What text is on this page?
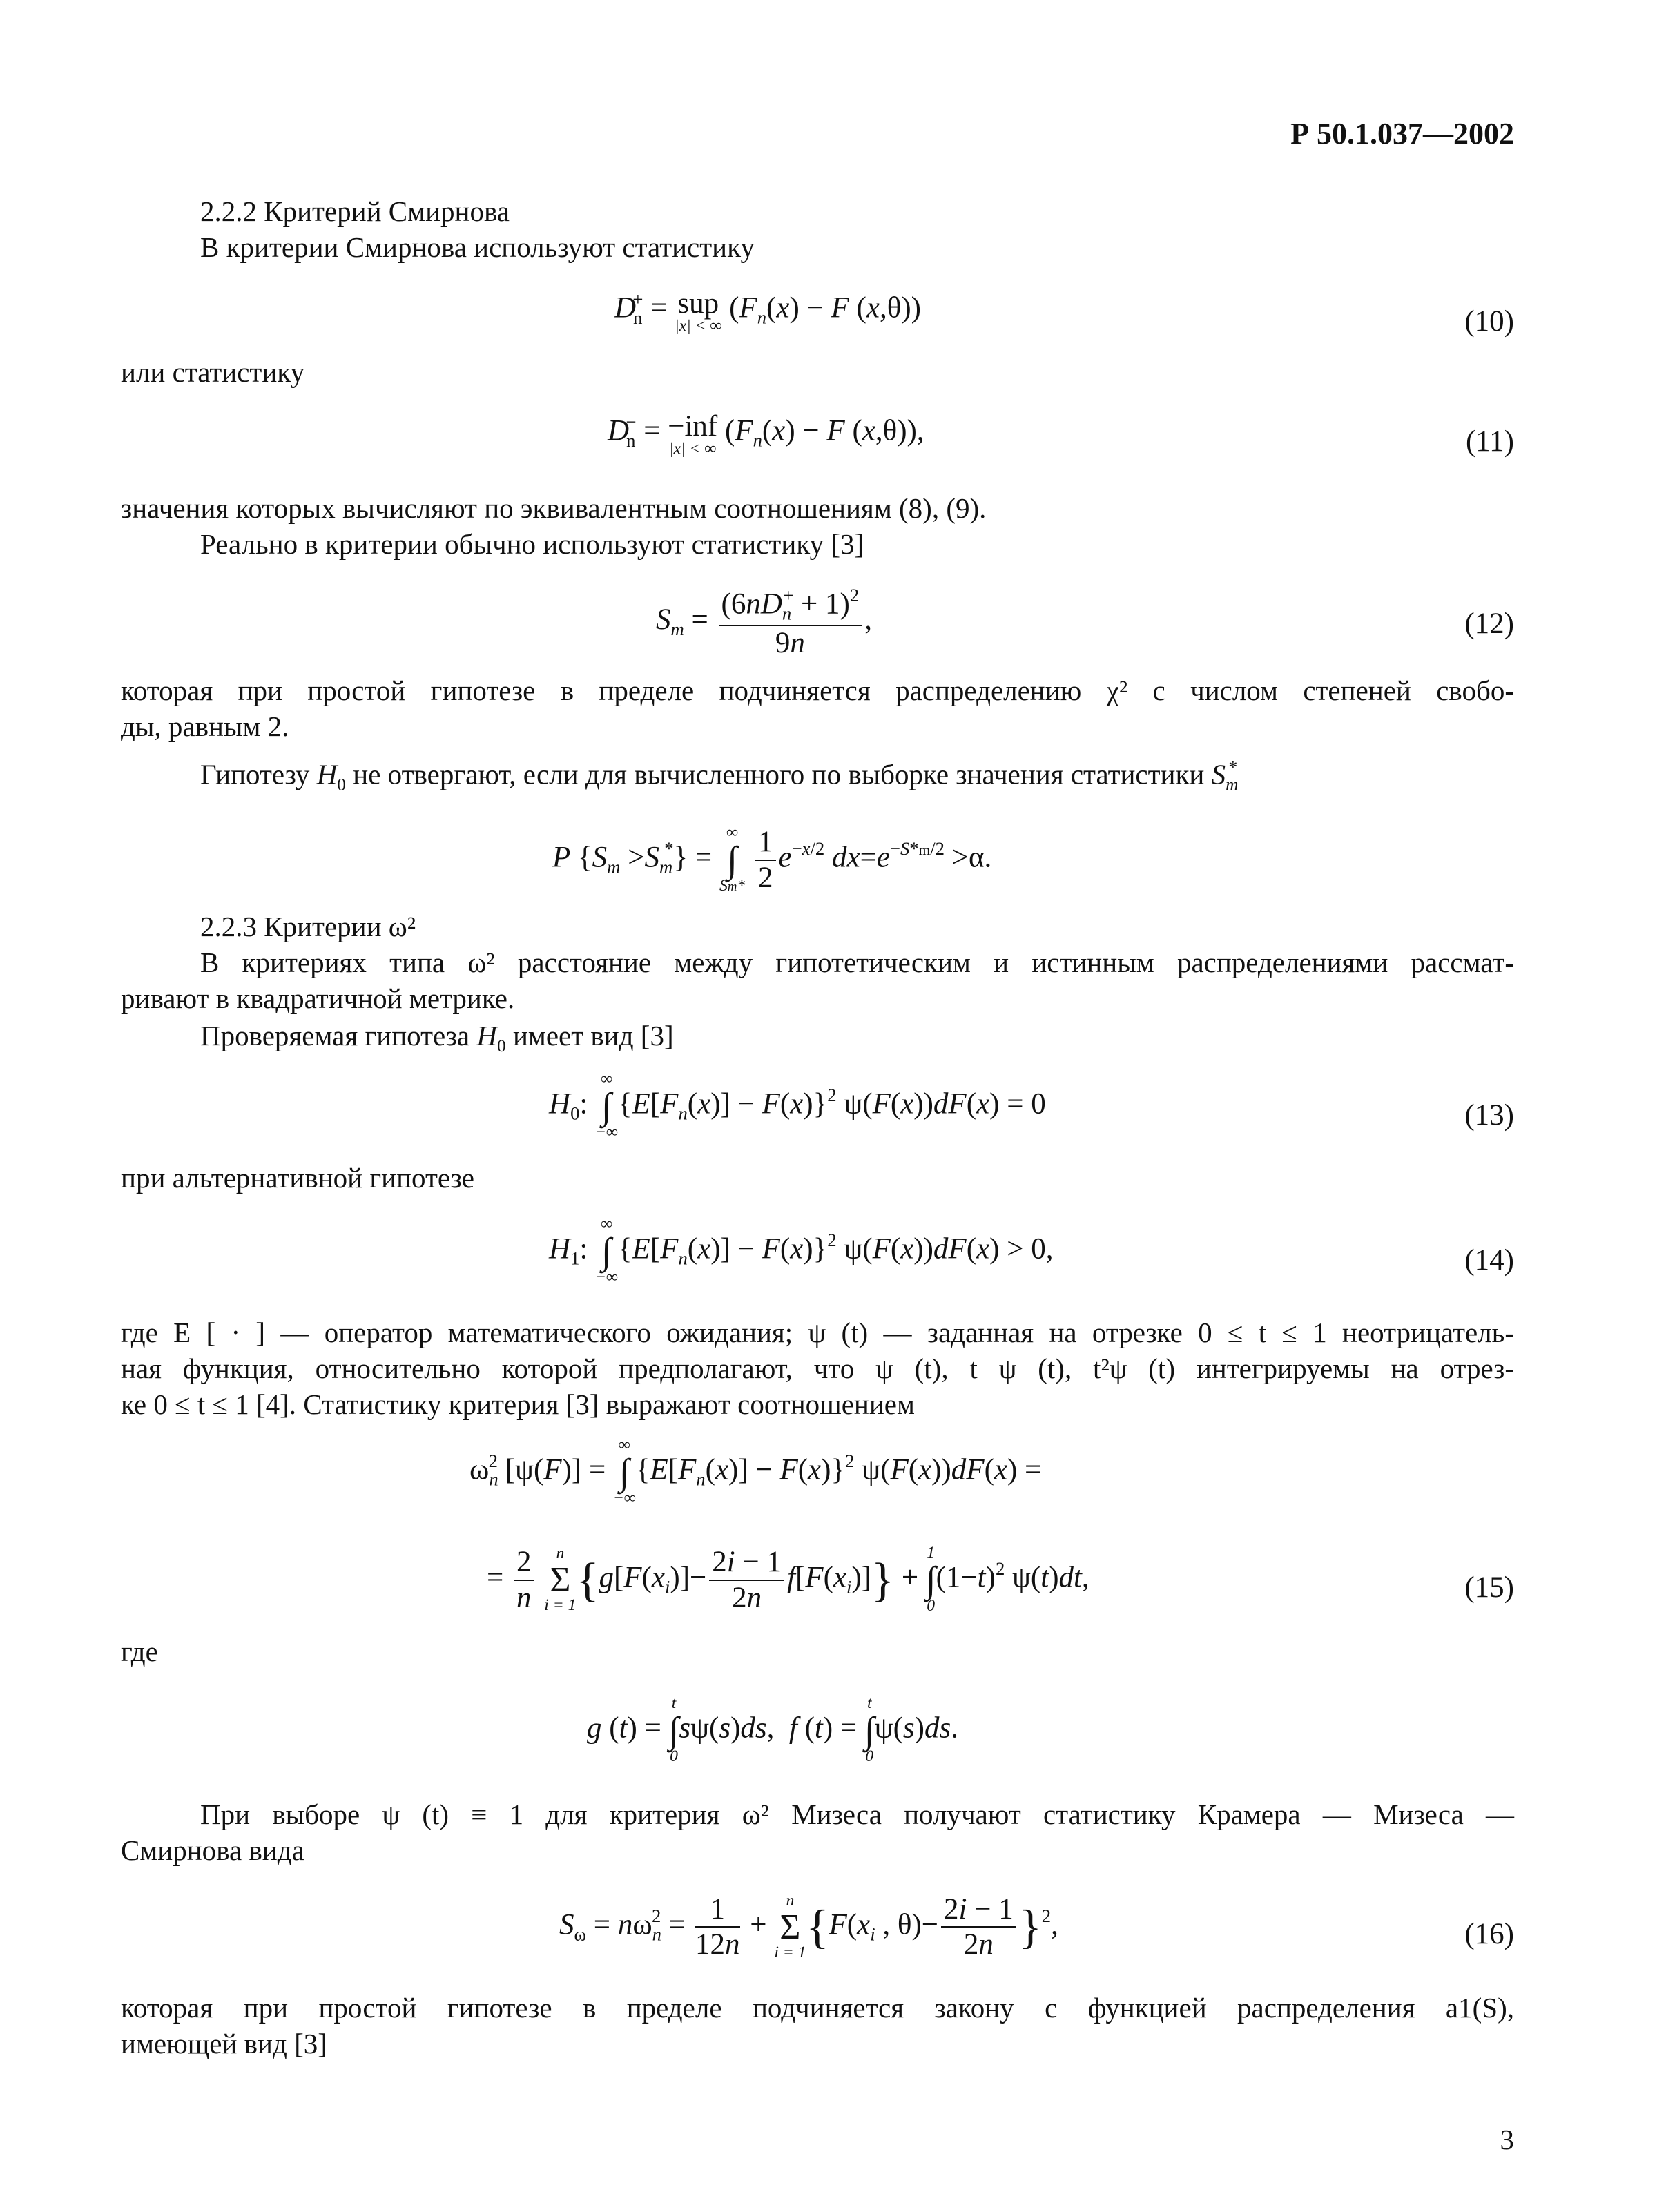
Р 50.1.037—2002
2.2.2 Критерий Смирнова
В критерии Смирнова используют статистику
$D_n^+$ = sup
|x| < ∞
($F_n(x) - F$ (x,θ))	(10)
или статистику
$D_n^- = -inf$
|x| < ∞
($F_n(x) - F$ (x,θ)),	(11)
значения которых вычисляют по эквивалентным соотношениям (8), (9).
Реально в критерии обычно используют статистику [3]
$S_m = \frac{(6nD_n^+ + 1)^2}{9n}$ ,	(12)
которая при простой гипотезе в пределе подчиняется распределению χ² с числом степеней свобо-
ды, равным 2.
Гипотезу $H_0$ не отвергают, если для вычисленного по выборке значения статистики $S_m^*$
P $\{S_m >S_m^*\}$ =
∞
∫
Sm*
$\frac{1}{2} e^{-x/2}$ $dx=e^{-S*m/2} >\alpha$.
2.2.3 Критерии ω²
В критериях типа ω² расстояние между гипотетическим и истинным распределениями рассмат-
ривают в квадратичной метрике.
Проверяемая гипотеза $H_0$ имеет вид [3]
$H_0$:
∞
∫
−∞
$\{E[F_n(x)] - F(x)\}^2$ ψ(F(x))dF(x) = 0	(13)
при альтернативной гипотезе
$H_1$:
∞
∫
−∞
$\{E[F_n(x)] - F(x)\}^2$ ψ(F(x))dF(x) > 0,	(14)
где E [ · ] — оператор математического ожидания; ψ (t) — заданная на отрезке 0 ≤ t ≤ 1 неотрицатель-
ная функция, относительно которой предполагают, что ψ (t), t ψ (t), t²ψ (t) интегрируемы на отрез-
ке 0 ≤ t ≤ 1 [4]. Статистику критерия [3] выражают соотношением
$\omega_n^2$ [ψ(F)] =
∞
∫
−∞
$\{E[F_n(x)] - F(x)\}^2$ ψ(F(x))dF(x) =
= $\frac{2}{n}$
	n
Σ
i = 1 $\{g[F(x_i)]- \frac{2i - 1}{2n} f[F(x_i)]\}$ +
1
∫
0
$(1-t)^2$ ψ(t)dt,	(15)
где
g (t) =
t
∫
0
sψ(s)ds,  f (t) =
t
∫
0
ψ(s)ds.
При выборе ψ (t) ≡ 1 для критерия ω² Мизеса получают статистику Крамера — Мизеса —
Смирнова вида
$S_\omega = n\omega_n^2 = \frac{1}{12n}$ +
n
Σ
i = 1 {$F(x_i$ , $\theta)- \frac{2i - 1}{2n} \}^2$,	(16)
которая при простой гипотезе в пределе подчиняется закону с функцией распределения a1(S),
имеющей вид [3]
3
